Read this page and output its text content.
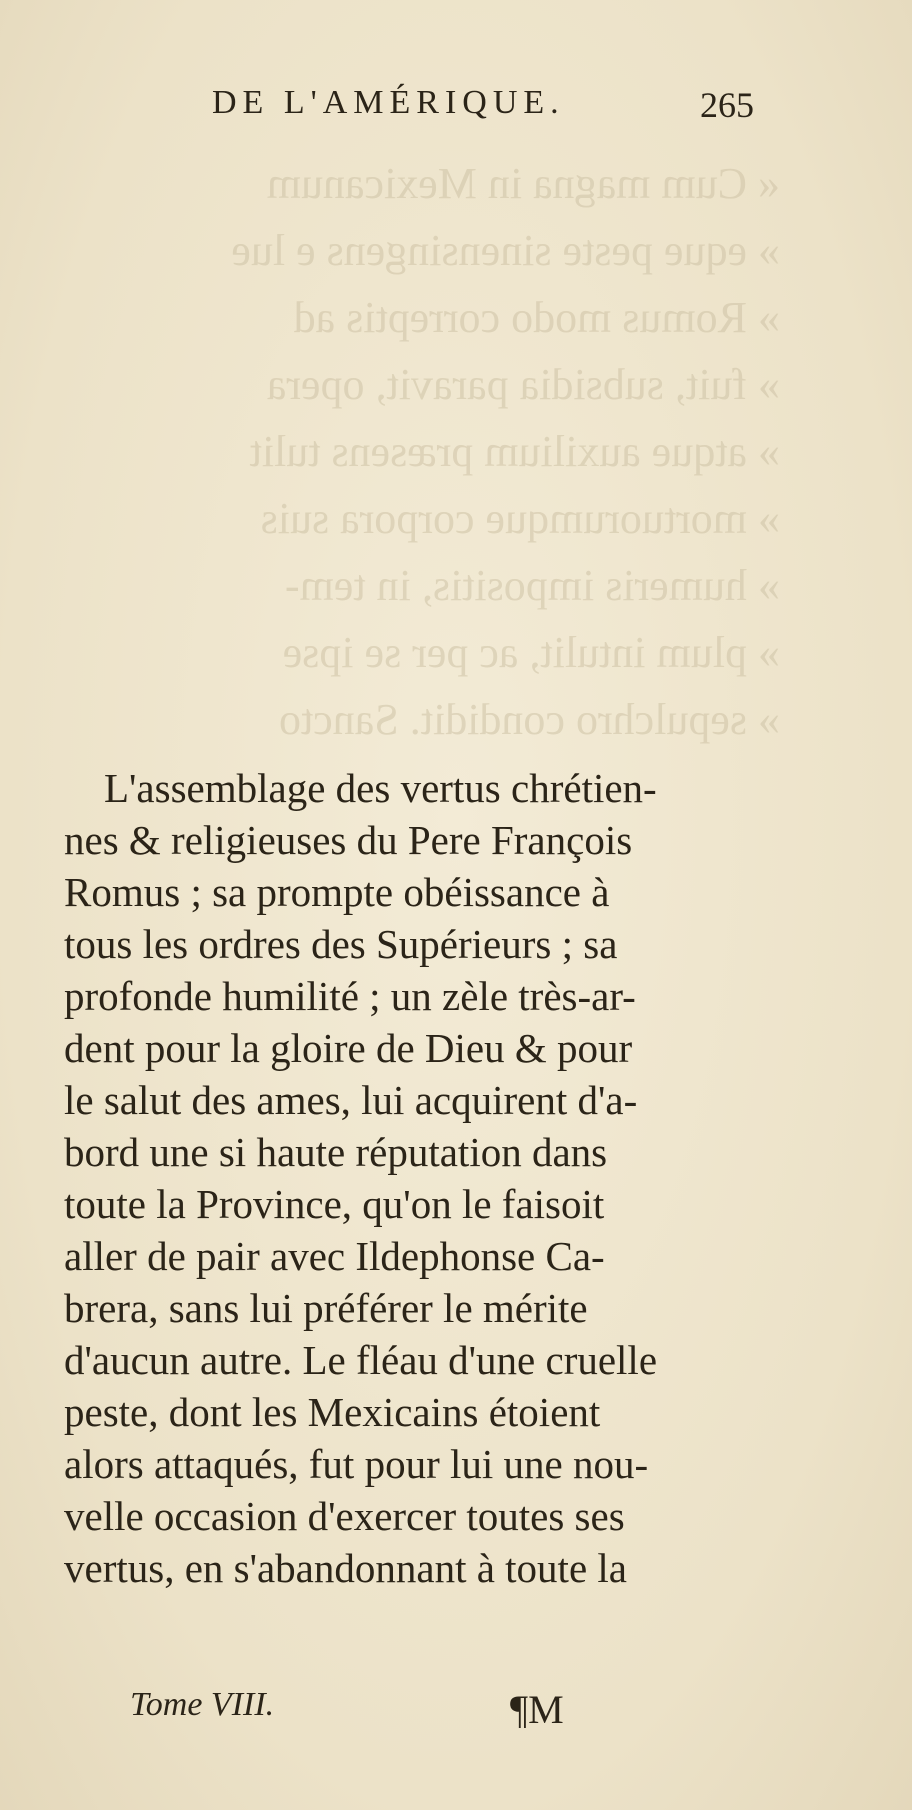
DE L'AMÉRIQUE.	265
« Cum magna in Mexicanum
» eque peste sinensingens e lue
» Romus modo correptis ad
» fuit, subsidia paravit, opera
» atque auxilium præsens tulit
» mortuorumque corpora suis
» humeris impositis, in tem-
» plum intulit, ac per se ipse
» sepulchro condidit. Sancto
L'assemblage des vertus chrétien-
nes & religieuses du Pere François
Romus ; sa prompte obéissance à
tous les ordres des Supérieurs ; sa
profonde humilité ; un zèle très-ar-
dent pour la gloire de Dieu & pour
le salut des ames, lui acquirent d'a-
bord une si haute réputation dans
toute la Province, qu'on le faisoit
aller de pair avec Ildephonse Ca-
brera, sans lui préférer le mérite
d'aucun autre. Le fléau d'une cruelle
peste, dont les Mexicains étoient
alors attaqués, fut pour lui une nou-
velle occasion d'exercer toutes ses
vertus, en s'abandonnant à toute la
Tome VIII.	¶M
